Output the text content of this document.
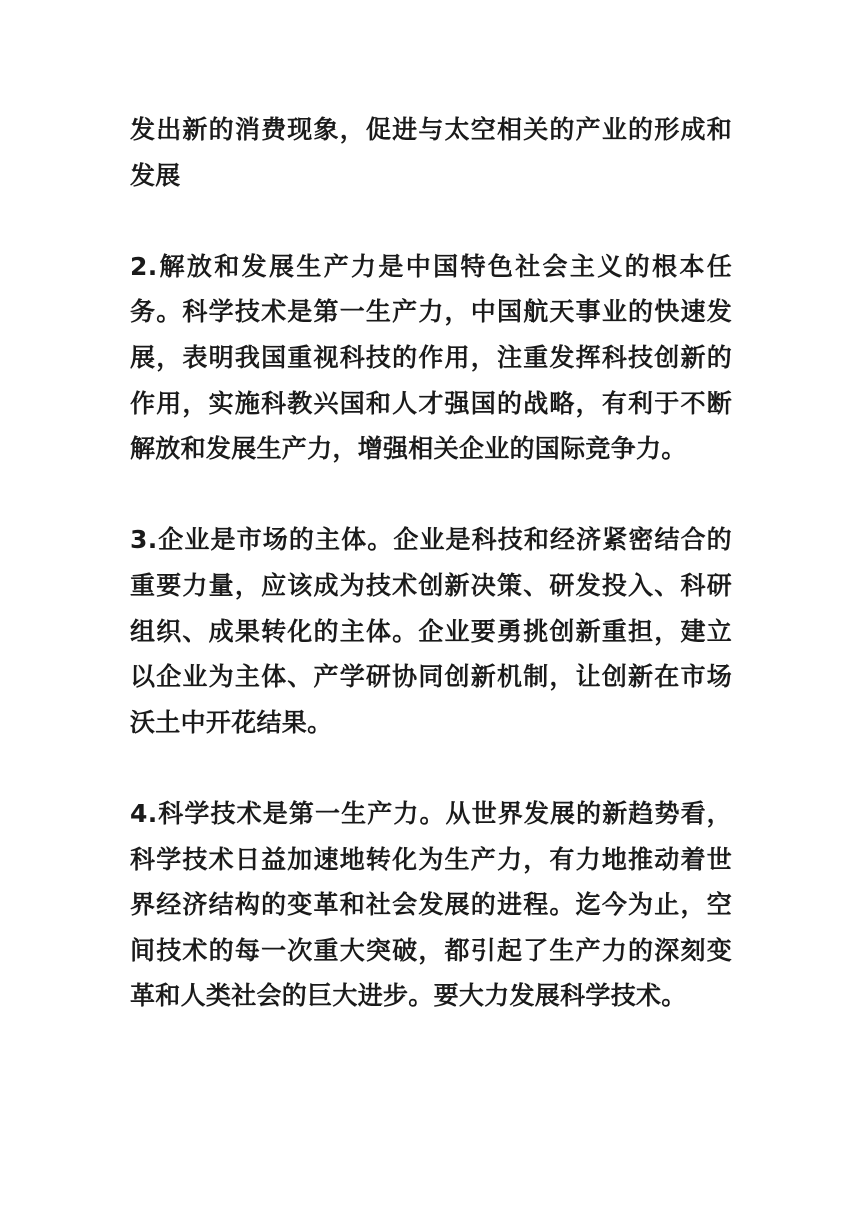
发出新的消费现象，促进与太空相关的产业的形成和发展

2.解放和发展生产力是中国特色社会主义的根本任务。科学技术是第一生产力，中国航天事业的快速发展，表明我国重视科技的作用，注重发挥科技创新的作用，实施科教兴国和人才强国的战略，有利于不断解放和发展生产力，增强相关企业的国际竞争力。

3.企业是市场的主体。企业是科技和经济紧密结合的重要力量，应该成为技术创新决策、研发投入、科研组织、成果转化的主体。企业要勇挑创新重担，建立以企业为主体、产学研协同创新机制，让创新在市场沃土中开花结果。

4.科学技术是第一生产力。从世界发展的新趋势看，科学技术日益加速地转化为生产力，有力地推动着世界经济结构的变革和社会发展的进程。迄今为止，空间技术的每一次重大突破，都引起了生产力的深刻变革和人类社会的巨大进步。要大力发展科学技术。
